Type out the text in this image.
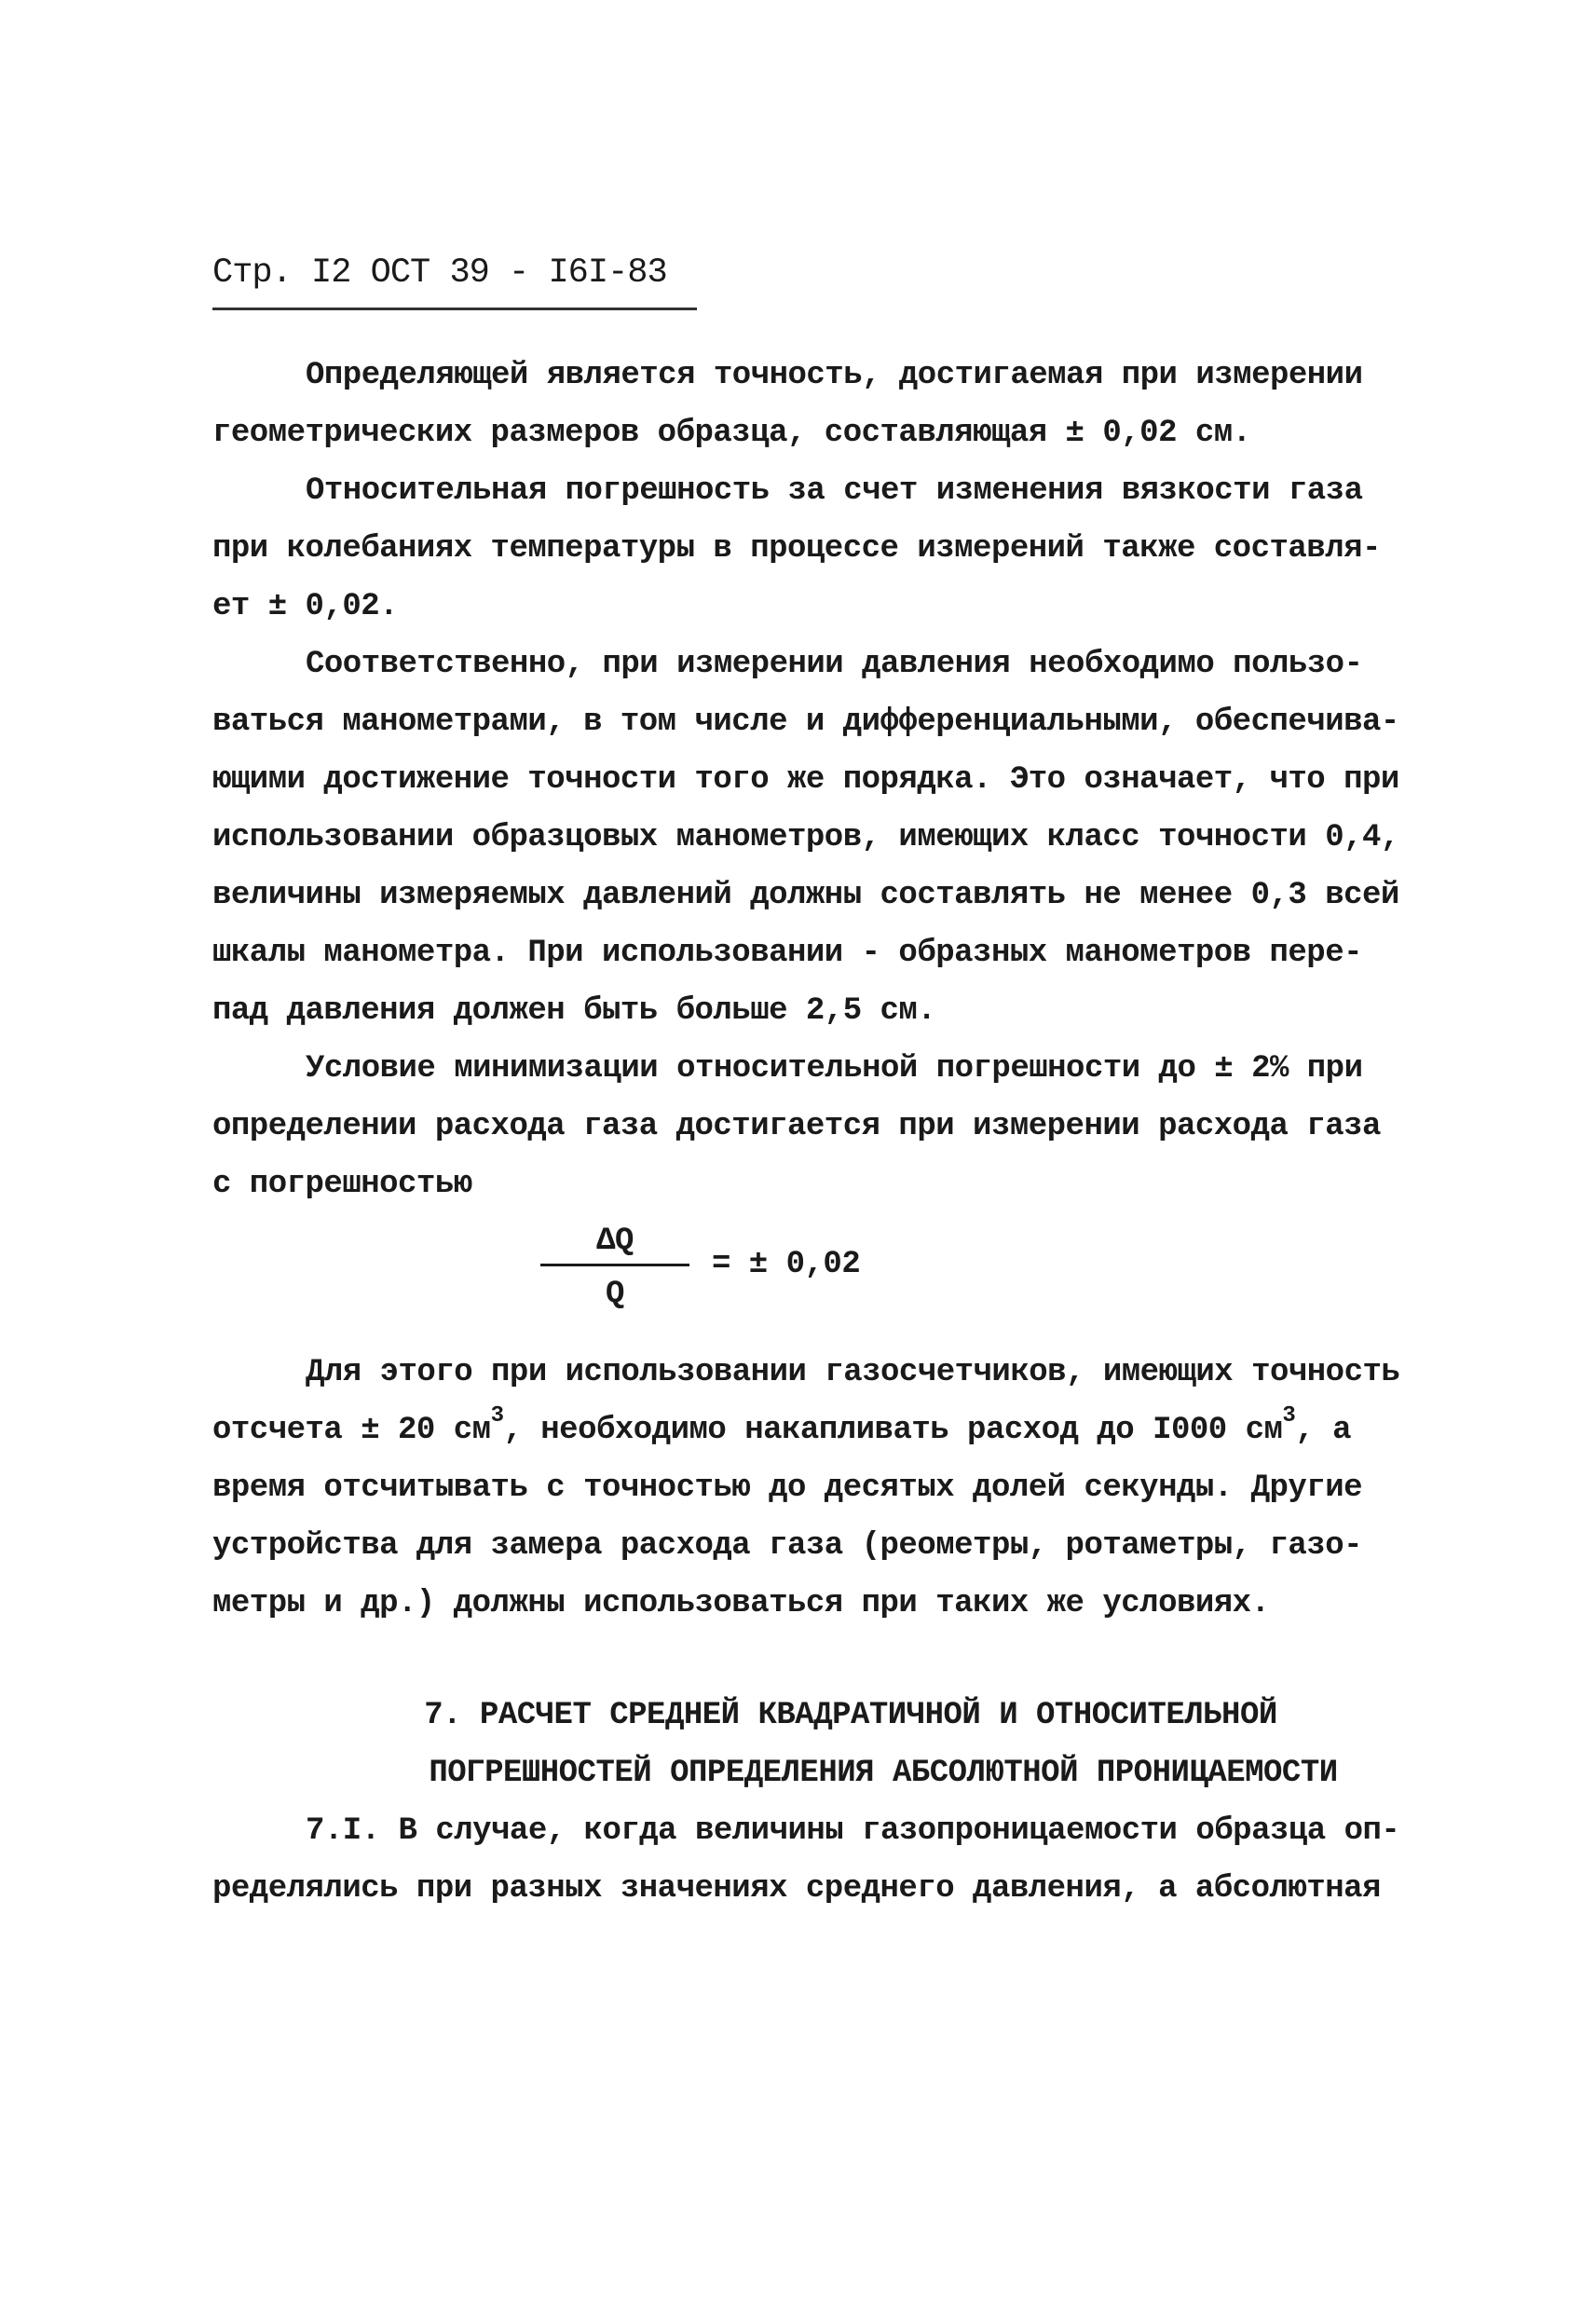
Стр. I2 ОСТ 39 - I6I-83

Определяющей является точность, достигаемая при измерении

геометрических размеров образца, составляющая ± 0,02 см.

Относительная погрешность за счет изменения вязкости газа

при колебаниях температуры в процессе измерений также составля-

ет ± 0,02.

Соответственно, при измерении давления необходимо пользо-

ваться манометрами, в том числе и дифференциальными, обеспечива-

ющими достижение точности того же порядка. Это означает, что при

использовании образцовых манометров, имеющих класс точности 0,4,

величины измеряемых давлений должны составлять не менее 0,3 всей

шкалы манометра. При использовании - образных манометров пере-

пад давления должен быть больше 2,5 см.

Условие минимизации относительной погрешности до ± 2% при

определении расхода газа достигается при измерении расхода газа

с погрешностью

$\frac{\Delta Q}{Q}$ = ± 0,02

Для этого при использовании газосчетчиков, имеющих точность

отсчета ± 20 $см^3$, необходимо накапливать расход до I000 $см^3$, а

время отсчитывать с точностью до десятых долей секунды. Другие

устройства для замера расхода газа (реометры, ротаметры, газо-

метры и др.) должны использоваться при таких же условиях.

7. РАСЧЕТ СРЕДНЕЙ КВАДРАТИЧНОЙ И ОТНОСИТЕЛЬНОЙ

ПОГРЕШНОСТЕЙ ОПРЕДЕЛЕНИЯ АБСОЛЮТНОЙ ПРОНИЦАЕМОСТИ

7.I. В случае, когда величины газопроницаемости образца оп-

ределялись при разных значениях среднего давления, а абсолютная
